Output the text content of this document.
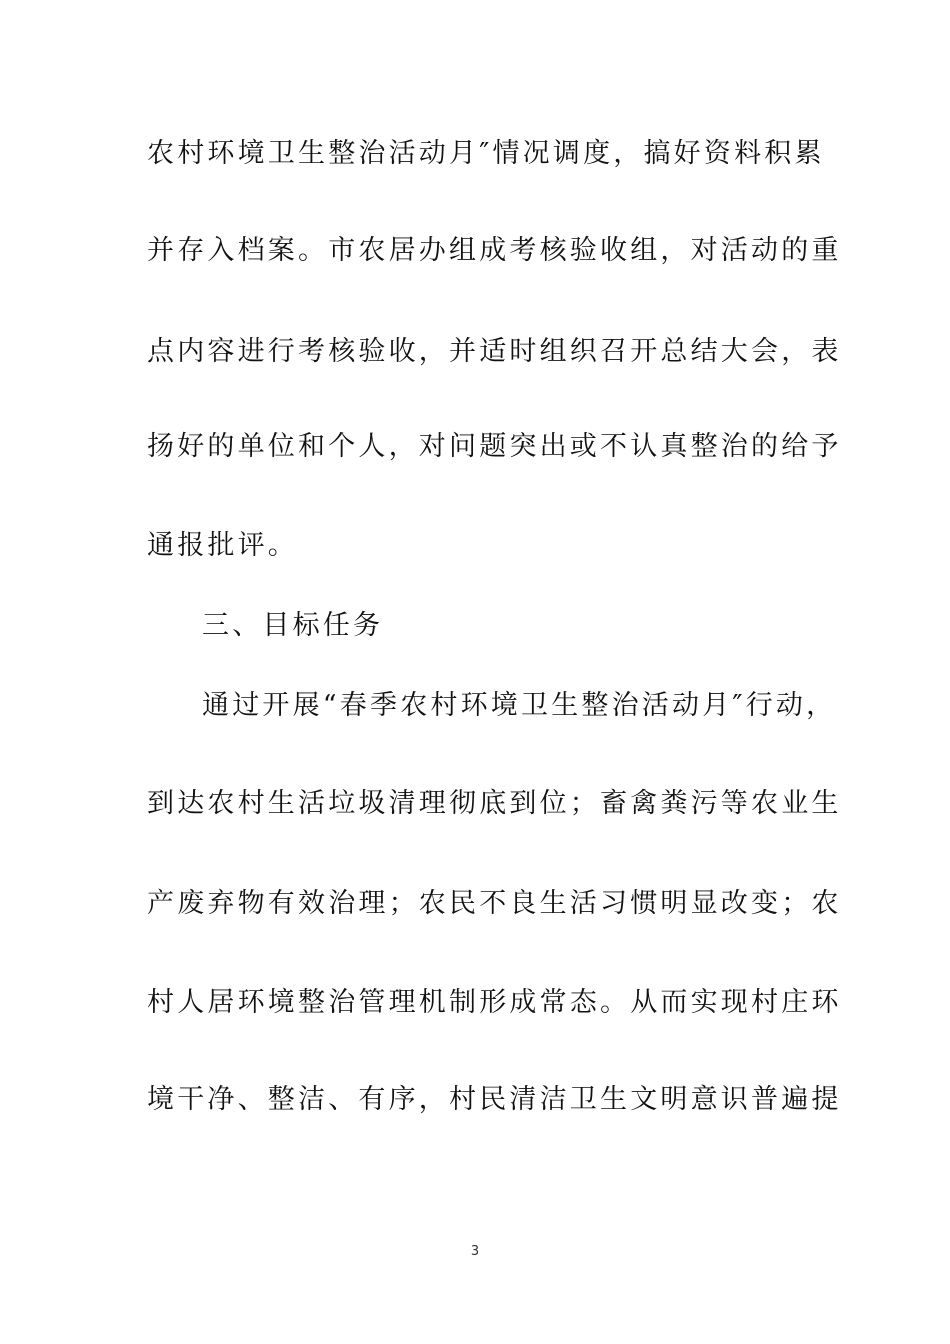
农村环境卫生整治活动月″情况调度，搞好资料积累

并存入档案。市农居办组成考核验收组，对活动的重

点内容进行考核验收，并适时组织召开总结大会，表

扬好的单位和个人，对问题突出或不认真整治的给予

通报批评。

三、目标任务

通过开展“春季农村环境卫生整治活动月″行动，

到达农村生活垃圾清理彻底到位；畜禽粪污等农业生

产废弃物有效治理；农民不良生活习惯明显改变；农

村人居环境整治管理机制形成常态。从而实现村庄环

境干净、整洁、有序，村民清洁卫生文明意识普遍提

3
